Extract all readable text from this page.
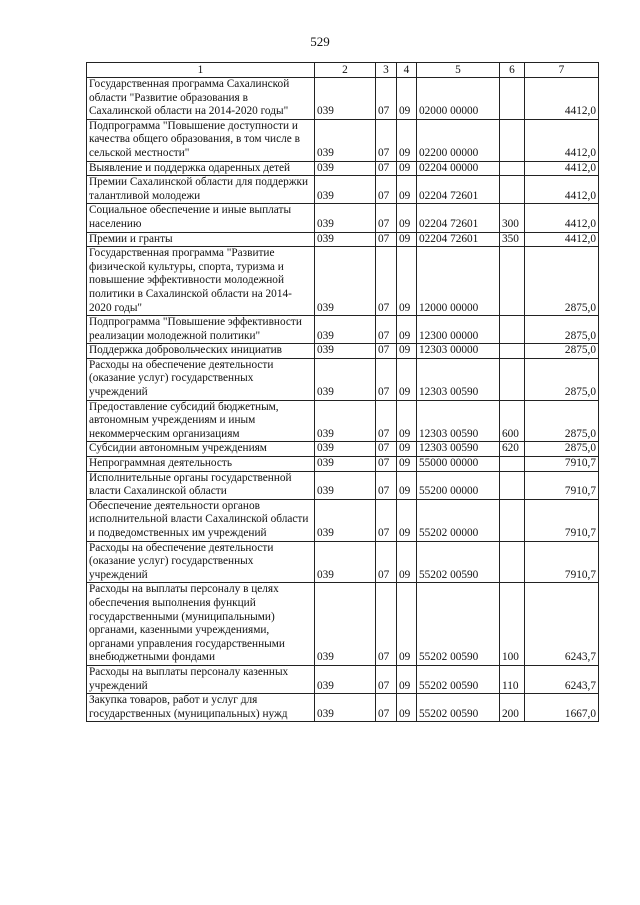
529
1	2	3	4	5	6	7
Государственная программа Сахалинской области "Развитие образования в Сахалинской области на 2014-2020 годы"	039	07	09	02000 00000		4412,0
Подпрограмма "Повышение доступности и качества общего образования, в том числе в сельской местности"	039	07	09	02200 00000		4412,0
Выявление и поддержка одаренных детей	039	07	09	02204 00000		4412,0
Премии Сахалинской области для поддержки талантливой молодежи	039	07	09	02204 72601		4412,0
Социальное обеспечение и иные выплаты населению	039	07	09	02204 72601	300	4412,0
Премии и гранты	039	07	09	02204 72601	350	4412,0
Государственная программа "Развитие физической культуры, спорта, туризма и повышение эффективности молодежной политики в Сахалинской области на 2014-2020 годы"	039	07	09	12000 00000		2875,0
Подпрограмма "Повышение эффективности реализации молодежной политики"	039	07	09	12300 00000		2875,0
Поддержка добровольческих инициатив	039	07	09	12303 00000		2875,0
Расходы на обеспечение деятельности (оказание услуг) государственных учреждений	039	07	09	12303 00590		2875,0
Предоставление субсидий бюджетным, автономным учреждениям и иным некоммерческим организациям	039	07	09	12303 00590	600	2875,0
Субсидии автономным учреждениям	039	07	09	12303 00590	620	2875,0
Непрограммная деятельность	039	07	09	55000 00000		7910,7
Исполнительные органы государственной власти Сахалинской области	039	07	09	55200 00000		7910,7
Обеспечение деятельности органов исполнительной власти Сахалинской области и подведомственных им учреждений	039	07	09	55202 00000		7910,7
Расходы на обеспечение деятельности (оказание услуг) государственных учреждений	039	07	09	55202 00590		7910,7
Расходы на выплаты персоналу в целях обеспечения выполнения функций государственными (муниципальными) органами, казенными учреждениями, органами управления государственными внебюджетными фондами	039	07	09	55202 00590	100	6243,7
Расходы на выплаты персоналу казенных учреждений	039	07	09	55202 00590	110	6243,7
Закупка товаров, работ и услуг для государственных (муниципальных) нужд	039	07	09	55202 00590	200	1667,0
